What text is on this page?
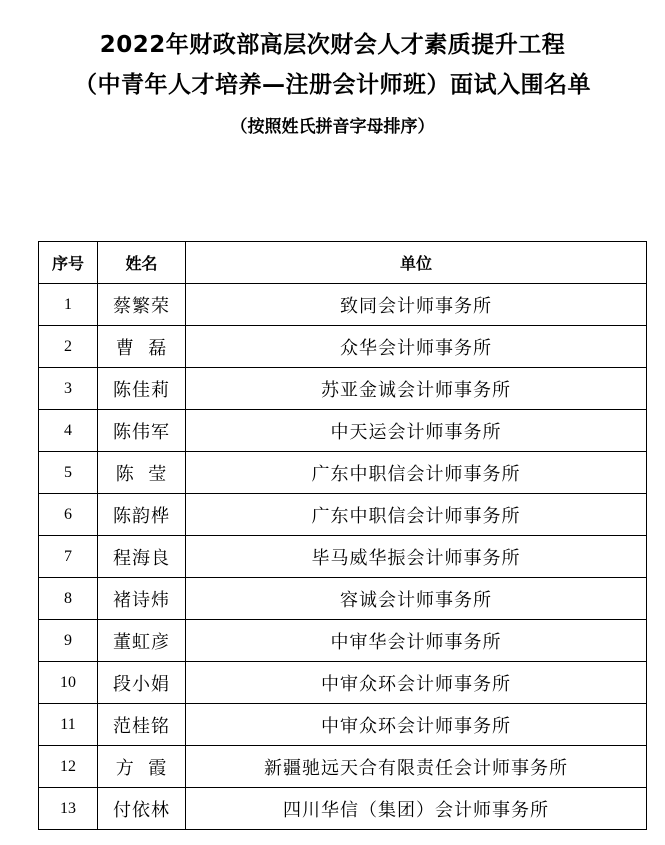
2022年财政部高层次财会人才素质提升工程
（中青年人才培养—注册会计师班）面试入围名单
（按照姓氏拼音字母排序）
序号	姓名	单位
1	蔡繁荣	致同会计师事务所
2	曹  磊	众华会计师事务所
3	陈佳莉	苏亚金诚会计师事务所
4	陈伟军	中天运会计师事务所
5	陈  莹	广东中职信会计师事务所
6	陈韵桦	广东中职信会计师事务所
7	程海良	毕马威华振会计师事务所
8	褚诗炜	容诚会计师事务所
9	董虹彦	中审华会计师事务所
10	段小娟	中审众环会计师事务所
11	范桂铭	中审众环会计师事务所
12	方  霞	新疆驰远天合有限责任会计师事务所
13	付依林	四川华信（集团）会计师事务所
